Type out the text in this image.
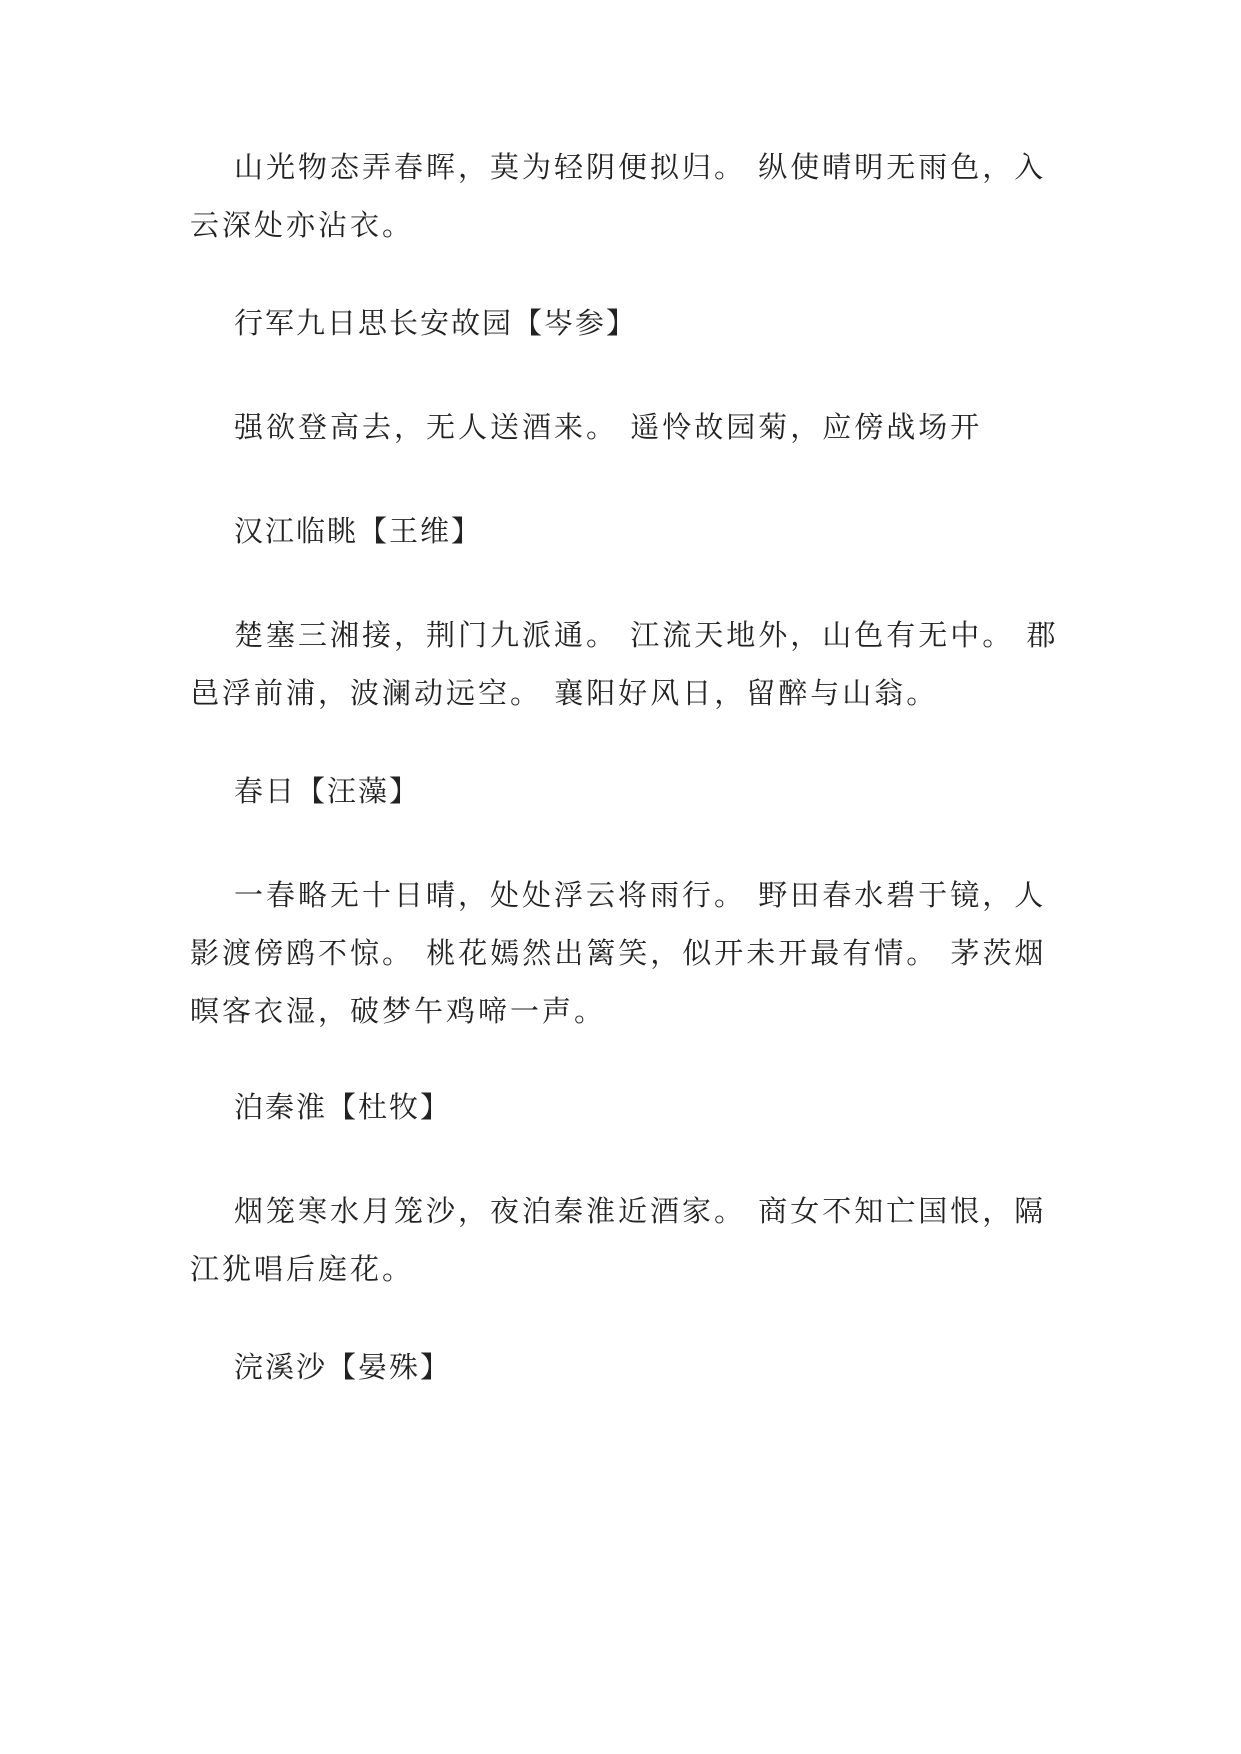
山光物态弄春晖，莫为轻阴便拟归。 纵使晴明无雨色，入云深处亦沾衣。

行军九日思长安故园【岑参】

强欲登高去，无人送酒来。 遥怜故园菊，应傍战场开

汉江临眺【王维】

楚塞三湘接，荆门九派通。 江流天地外，山色有无中。 郡邑浮前浦，波澜动远空。 襄阳好风日，留醉与山翁。

春日【汪藻】

一春略无十日晴，处处浮云将雨行。 野田春水碧于镜，人影渡傍鸥不惊。 桃花嫣然出篱笑，似开未开最有情。 茅茨烟暝客衣湿，破梦午鸡啼一声。

泊秦淮【杜牧】

烟笼寒水月笼沙，夜泊秦淮近酒家。 商女不知亡国恨，隔江犹唱后庭花。

浣溪沙【晏殊】
